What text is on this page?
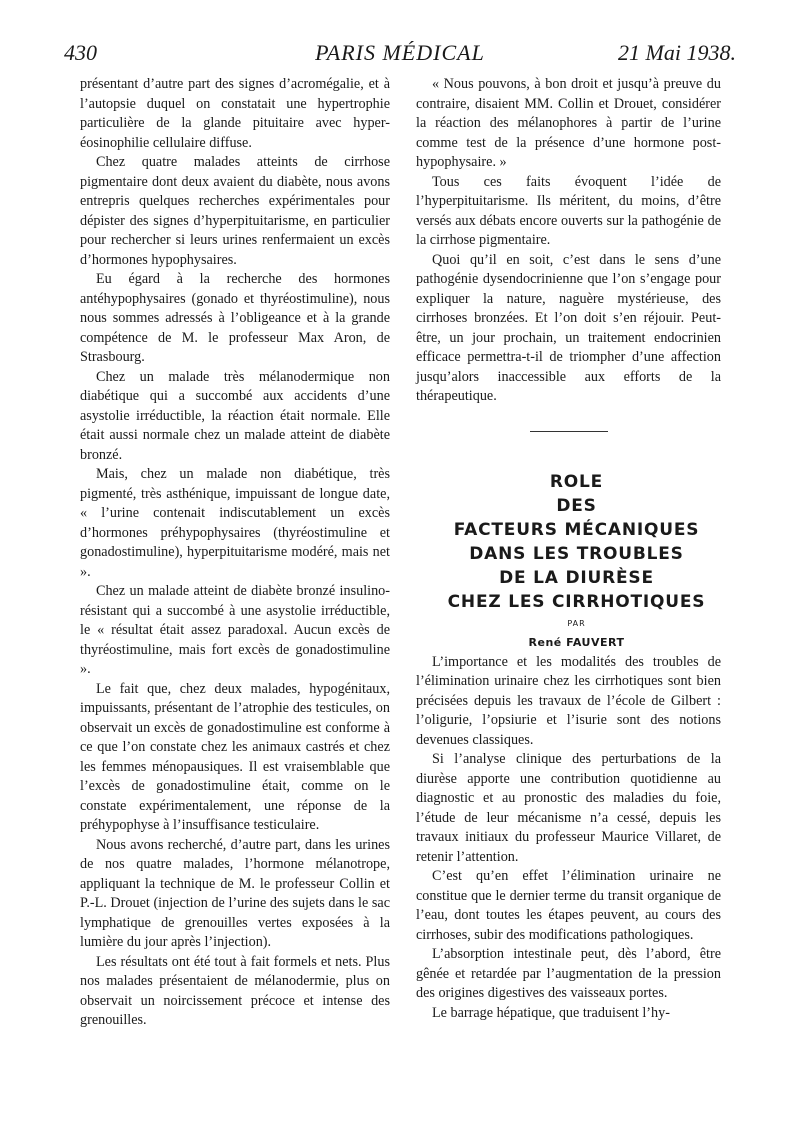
430	PARIS MÉDICAL	21 Mai 1938.

présentant d’autre part des signes d’acromégalie, et à l’autopsie duquel on constatait une hypertrophie particulière de la glande pituitaire avec hyper-éosinophilie cellulaire diffuse.

Chez quatre malades atteints de cirrhose pigmentaire dont deux avaient du diabète, nous avons entrepris quelques recherches expérimentales pour dépister des signes d’hyperpituitarisme, en particulier pour rechercher si leurs urines renfermaient un excès d’hormones hypophysaires.

Eu égard à la recherche des hormones antéhypophysaires (gonado et thyréostimuline), nous nous sommes adressés à l’obligeance et à la grande compétence de M. le professeur Max Aron, de Strasbourg.

Chez un malade très mélanodermique non diabétique qui a succombé aux accidents d’une asystolie irréductible, la réaction était normale. Elle était aussi normale chez un malade atteint de diabète bronzé.

Mais, chez un malade non diabétique, très pigmenté, très asthénique, impuissant de longue date, « l’urine contenait indiscutablement un excès d’hormones préhypophysaires (thyréostimuline et gonadostimuline), hyperpituitarisme modéré, mais net ».

Chez un malade atteint de diabète bronzé insulino-résistant qui a succombé à une asystolie irréductible, le « résultat était assez paradoxal. Aucun excès de thyréostimuline, mais fort excès de gonadostimuline ».

Le fait que, chez deux malades, hypogénitaux, impuissants, présentant de l’atrophie des testicules, on observait un excès de gonadostimuline est conforme à ce que l’on constate chez les animaux castrés et chez les femmes ménopausiques. Il est vraisemblable que l’excès de gonadostimuline était, comme on le constate expérimentalement, une réponse de la préhypophyse à l’insuffisance testiculaire.

Nous avons recherché, d’autre part, dans les urines de nos quatre malades, l’hormone mélanotrope, appliquant la technique de M. le professeur Collin et P.-L. Drouet (injection de l’urine des sujets dans le sac lymphatique de grenouilles vertes exposées à la lumière du jour après l’injection).

Les résultats ont été tout à fait formels et nets. Plus nos malades présentaient de mélanodermie, plus on observait un noircissement précoce et intense des grenouilles.

« Nous pouvons, à bon droit et jusqu’à preuve du contraire, disaient MM. Collin et Drouet, considérer la réaction des mélanophores à partir de l’urine comme test de la présence d’une hormone post-hypophysaire. »

Tous ces faits évoquent l’idée de l’hyperpituitarisme. Ils méritent, du moins, d’être versés aux débats encore ouverts sur la pathogénie de la cirrhose pigmentaire.

Quoi qu’il en soit, c’est dans le sens d’une pathogénie dysendocrinienne que l’on s’engage pour expliquer la nature, naguère mystérieuse, des cirrhoses bronzées. Et l’on doit s’en réjouir. Peut-être, un jour prochain, un traitement endocrinien efficace permettra-t-il de triompher d’une affection jusqu’alors inaccessible aux efforts de la thérapeutique.

ROLE

DES

FACTEURS MÉCANIQUES

DANS LES TROUBLES

DE LA DIURÈSE

CHEZ LES CIRRHOTIQUES

PAR

René FAUVERT

L’importance et les modalités des troubles de l’élimination urinaire chez les cirrhotiques sont bien précisées depuis les travaux de l’école de Gilbert : l’oligurie, l’opsiurie et l’isurie sont des notions devenues classiques.

Si l’analyse clinique des perturbations de la diurèse apporte une contribution quotidienne au diagnostic et au pronostic des maladies du foie, l’étude de leur mécanisme n’a cessé, depuis les travaux initiaux du professeur Maurice Villaret, de retenir l’attention.

C’est qu’en effet l’élimination urinaire ne constitue que le dernier terme du transit organique de l’eau, dont toutes les étapes peuvent, au cours des cirrhoses, subir des modifications pathologiques.

L’absorption intestinale peut, dès l’abord, être gênée et retardée par l’augmentation de la pression des origines digestives des vaisseaux portes.

Le barrage hépatique, que traduisent l’hy-
